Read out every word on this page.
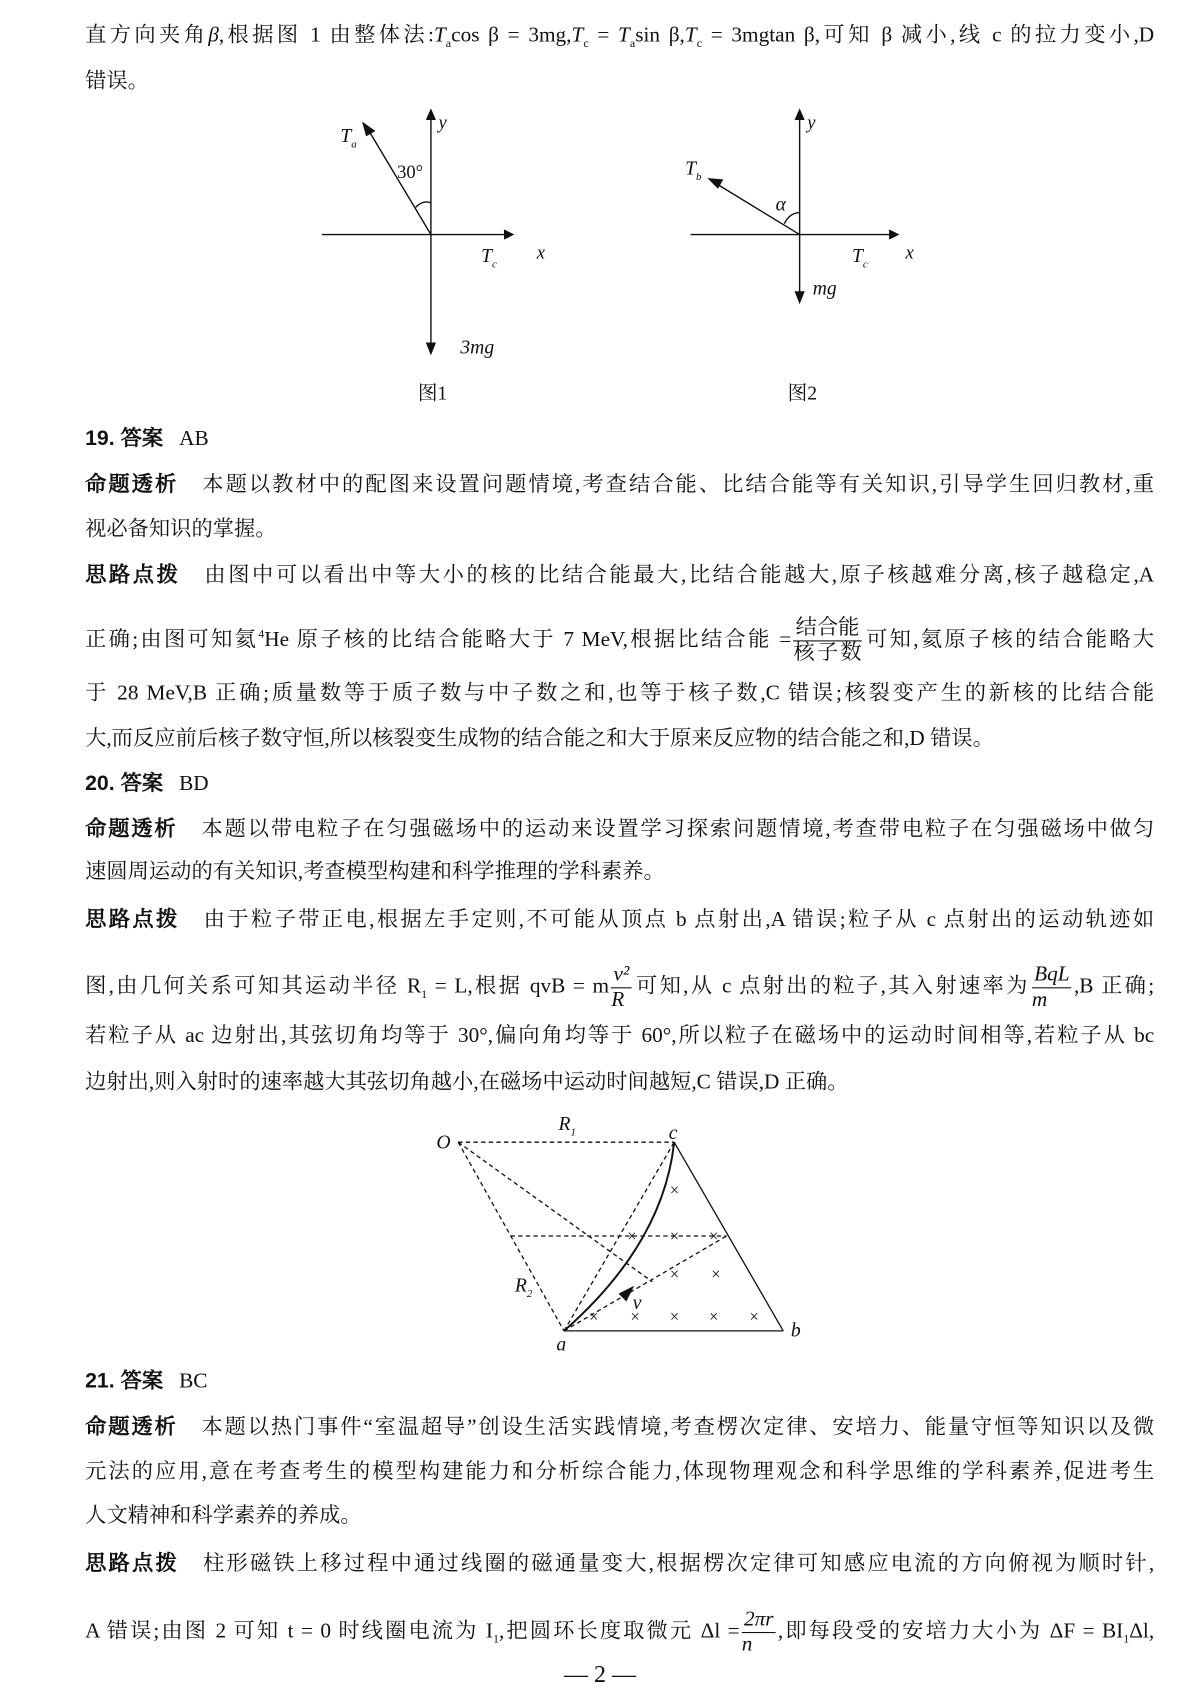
直方向夹角β,根据图 1 由整体法$:T_a\cos$ $\beta = 3mg,T_c = T_a\sin$ $\beta,T_c = 3mgtan$ β,可知 β 减小,线 c 的拉力变小,D
错误。
$T_a$
30°
y
$T_c$
x
3mg
图1
$T_b$
α
y
$T_c$
x
mg
图2
19. 答案 AB
命题透析 本题以教材中的配图来设置问题情境,考查结合能、比结合能等有关知识,引导学生回归教材,重
视必备知识的掌握。
思路点拨 由图中可以看出中等大小的核的比结合能最大,比结合能越大,原子核越难分离,核子越稳定,A
正确;由图可知氦$^4$He 原子核的比结合能略大于 7 MeV,根据比结合能 = $\frac{\text{结合能}}{\text{核子数}}$ 可知,氦原子核的结合能略大
于 28 MeV,B 正确;质量数等于质子数与中子数之和,也等于核子数,C 错误;核裂变产生的新核的比结合能
大,而反应前后核子数守恒,所以核裂变生成物的结合能之和大于原来反应物的结合能之和,D 错误。
20. 答案 BD
命题透析 本题以带电粒子在匀强磁场中的运动来设置学习探索问题情境,考查带电粒子在匀强磁场中做匀
速圆周运动的有关知识,考查模型构建和科学推理的学科素养。
思路点拨 由于粒子带正电,根据左手定则,不可能从顶点 b 点射出,A 错误;粒子从 c 点射出的运动轨迹如
图,由几何关系可知其运动半径 $R_1 = L$,根据 qvB = m $\frac{\text{v²}}{R}$ 可知,从 c 点射出的粒子,其入射速率为 $\frac{\text{BqL}}{m} ,B$ 正确;
若粒子从 ac 边射出,其弦切角均等于 30°,偏向角均等于 60°,所以粒子在磁场中的运动时间相等,若粒子从 bc
边射出,则入射时的速率越大其弦切角越小,在磁场中运动时间越短,C 错误,D 正确。
×
× × ×
× ×
× × × × ×
O	c
a
b
$R_1$
$R_2$	v
21. 答案 BC
命题透析 本题以热门事件“室温超导”创设生活实践情境,考查楞次定律、安培力、能量守恒等知识以及微
元法的应用,意在考查考生的模型构建能力和分析综合能力,体现物理观念和科学思维的学科素养,促进考生
人文精神和科学素养的养成。
思路点拨 柱形磁铁上移过程中通过线圈的磁通量变大,根据楞次定律可知感应电流的方向俯视为顺时针,
A 错误;由图 2 可知 t = 0 时线圈电流为 $I_1$,把圆环长度取微元 $\Delta l = \frac{2\pi r}{n}$ ,即每段受的安培力大小为 $\Delta F = BI_1\Delta l$,
— 2 —
